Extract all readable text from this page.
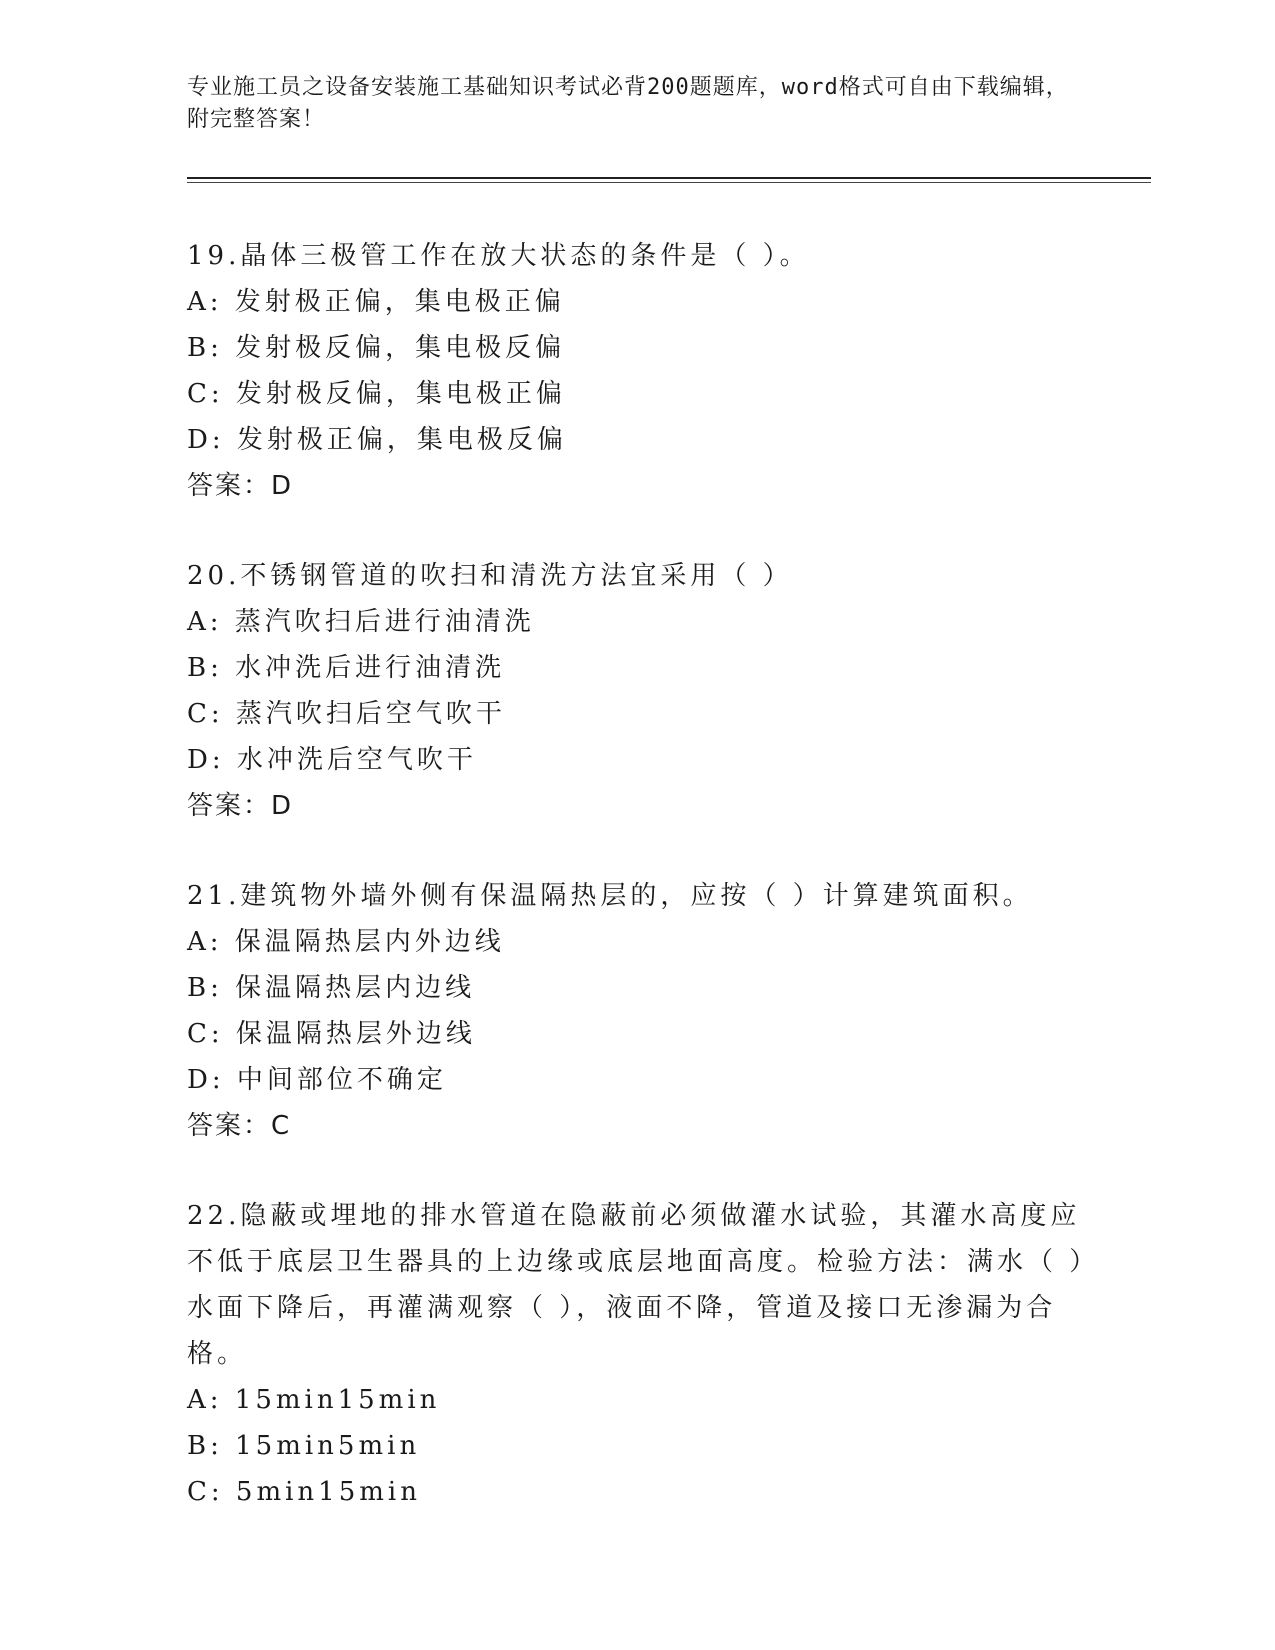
专业施工员之设备安装施工基础知识考试必背200题题库，word格式可自由下载编辑，附完整答案！

19.晶体三极管工作在放大状态的条件是（ ）。

A: 发射极正偏，集电极正偏

B: 发射极反偏，集电极反偏

C: 发射极反偏，集电极正偏

D: 发射极正偏，集电极反偏

答案：D

20.不锈钢管道的吹扫和清洗方法宜采用（ ）

A: 蒸汽吹扫后进行油清洗

B: 水冲洗后进行油清洗

C: 蒸汽吹扫后空气吹干

D: 水冲洗后空气吹干

答案：D

21.建筑物外墙外侧有保温隔热层的，应按（ ）计算建筑面积。

A: 保温隔热层内外边线

B: 保温隔热层内边线

C: 保温隔热层外边线

D: 中间部位不确定

答案：C

22.隐蔽或埋地的排水管道在隐蔽前必须做灌水试验，其灌水高度应不低于底层卫生器具的上边缘或底层地面高度。检验方法：满水（ ）水面下降后，再灌满观察（ ），液面不降，管道及接口无渗漏为合格。

A: 15min15min

B: 15min5min

C: 5min15min
